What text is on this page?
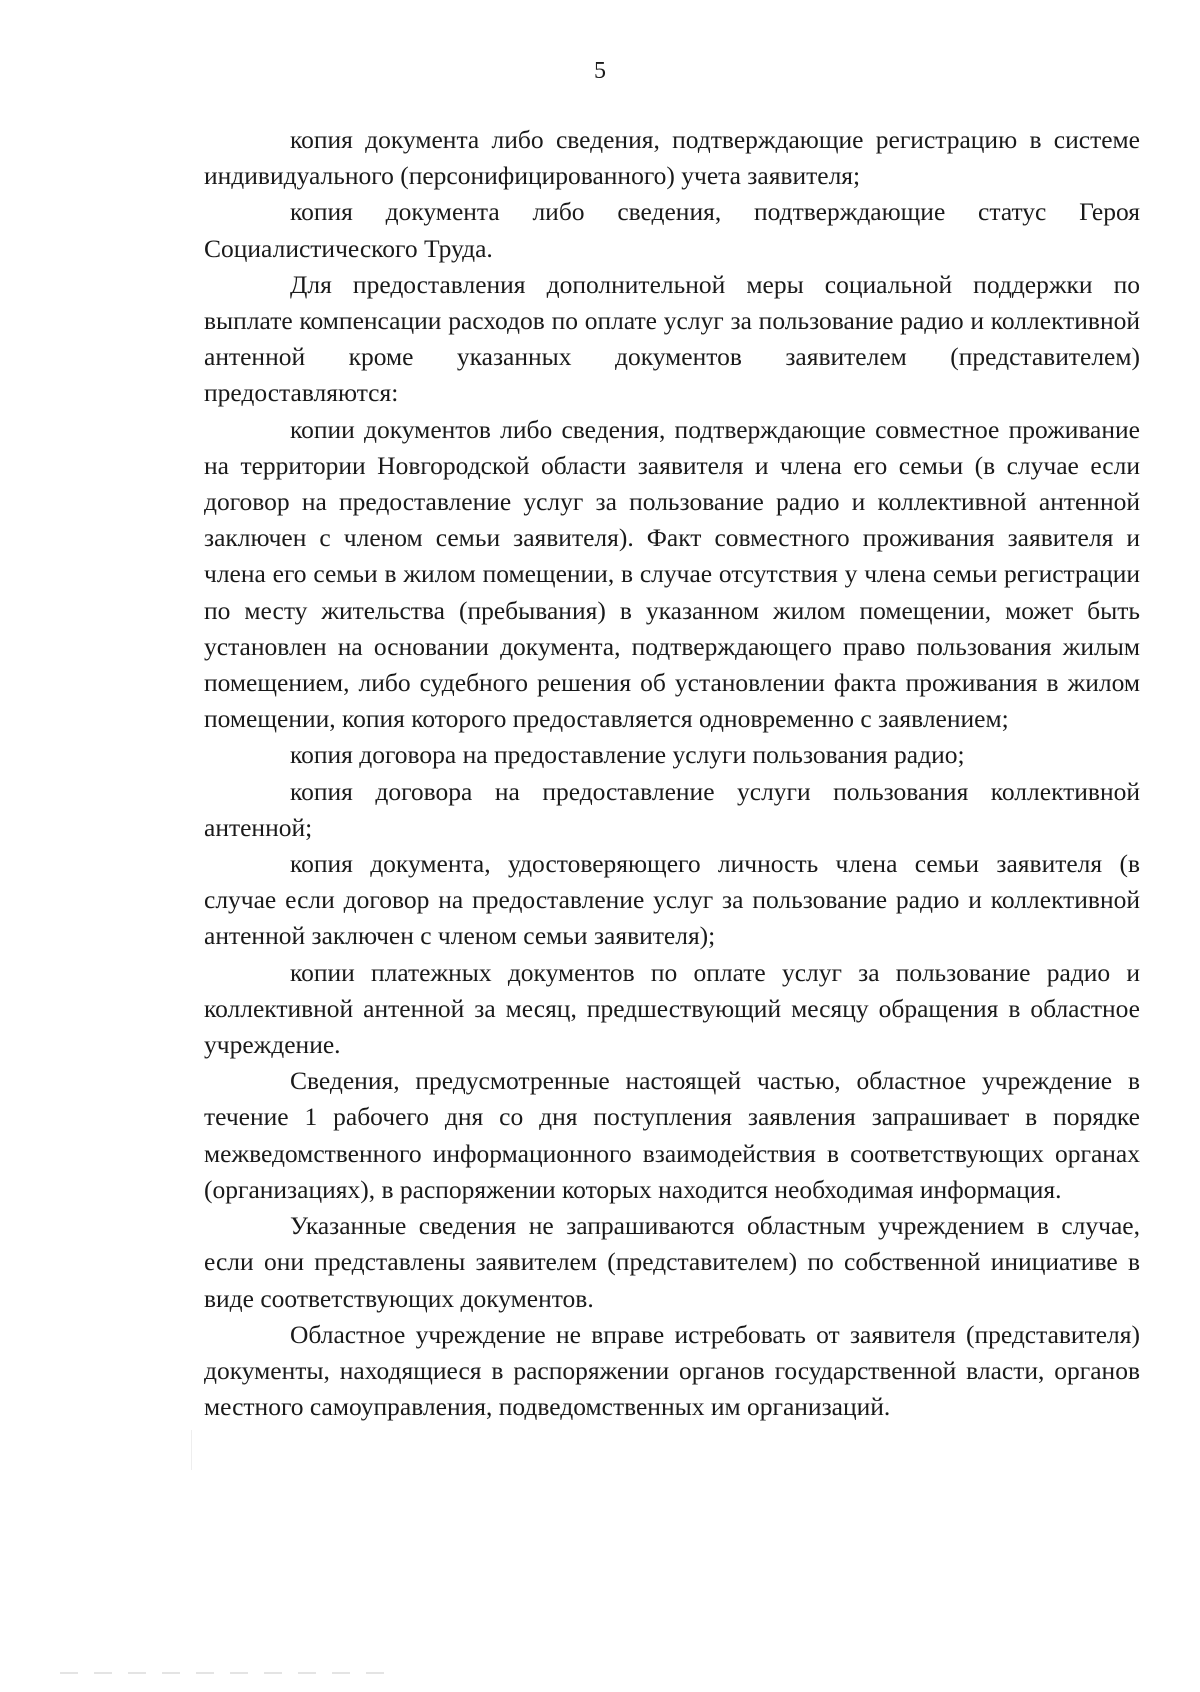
5

копия документа либо сведения, подтверждающие регистрацию в системе индивидуального (персонифицированного) учета заявителя;

копия документа либо сведения, подтверждающие статус Героя Социалистического Труда.

Для предоставления дополнительной меры социальной поддержки по выплате компенсации расходов по оплате услуг за пользование радио и коллективной антенной кроме указанных документов заявителем (представителем) предоставляются:

копии документов либо сведения, подтверждающие совместное проживание на территории Новгородской области заявителя и члена его семьи (в случае если договор на предоставление услуг за пользование радио и коллективной антенной заключен с членом семьи заявителя). Факт совместного проживания заявителя и члена его семьи в жилом помещении, в случае отсутствия у члена семьи регистрации по месту жительства (пребывания) в указанном жилом помещении, может быть установлен на основании документа, подтверждающего право пользования жилым помещением, либо судебного решения об установлении факта проживания в жилом помещении, копия которого предоставляется одновременно с заявлением;

копия договора на предоставление услуги пользования радио;

копия договора на предоставление услуги пользования коллективной антенной;

копия документа, удостоверяющего личность члена семьи заявителя (в случае если договор на предоставление услуг за пользование радио и коллективной антенной заключен с членом семьи заявителя);

копии платежных документов по оплате услуг за пользование радио и коллективной антенной за месяц, предшествующий месяцу обращения в областное учреждение.

Сведения, предусмотренные настоящей частью, областное учреждение в течение 1 рабочего дня со дня поступления заявления запрашивает в порядке межведомственного информационного взаимодействия в соответствующих органах (организациях), в распоряжении которых находится необходимая информация.

Указанные сведения не запрашиваются областным учреждением в случае, если они представлены заявителем (представителем) по собственной инициативе в виде соответствующих документов.

Областное учреждение не вправе истребовать от заявителя (представителя) документы, находящиеся в распоряжении органов государственной власти, органов местного самоуправления, подведомственных им организаций.
